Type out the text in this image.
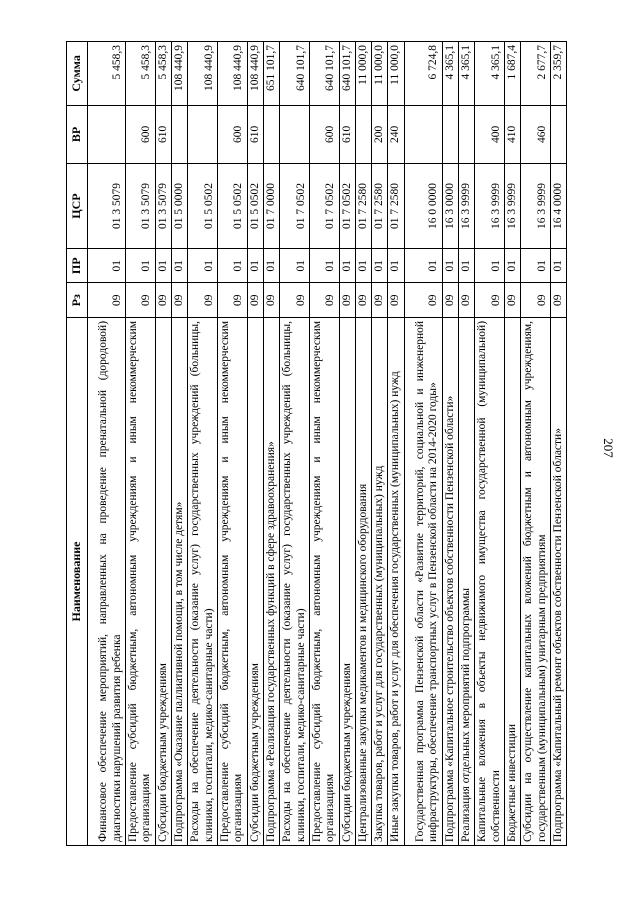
207
Наименование	Рз	ПР	ЦСР	ВР	Сумма
Финансовое обеспечение мероприятий, направленных на проведение пренатальной (дородовой) диагностики нарушений развития ребенка	09	01	01 3 5079		5 458,3
Предоставление субсидий бюджетным, автономным учреждениям и иным некоммерческим организациям	09	01	01 3 5079	600	5 458,3
Субсидии бюджетным учреждениям	09	01	01 3 5079	610	5 458,3
Подпрограмма «Оказание паллиативной помощи, в том числе детям»	09	01	01 5 0000		108 440,9
Расходы на обеспечение деятельности (оказание услуг) государственных учреждений (больницы, клиники, госпитали, медико-санитарные части)	09	01	01 5 0502		108 440,9
Предоставление субсидий бюджетным, автономным учреждениям и иным некоммерческим организациям	09	01	01 5 0502	600	108 440,9
Субсидии бюджетным учреждениям	09	01	01 5 0502	610	108 440,9
Подпрограмма «Реализация государственных функций в сфере здравоохранения»	09	01	01 7 0000		651 101,7
Расходы на обеспечение деятельности (оказание услуг) государственных учреждений (больницы, клиники, госпитали, медико-санитарные части)	09	01	01 7 0502		640 101,7
Предоставление субсидий бюджетным, автономным учреждениям и иным некоммерческим организациям	09	01	01 7 0502	600	640 101,7
Субсидии бюджетным учреждениям	09	01	01 7 0502	610	640 101,7
Централизованные закупки медикаментов и медицинского оборудования	09	01	01 7 2580		11 000,0
Закупка товаров, работ и услуг для государственных (муниципальных) нужд	09	01	01 7 2580	200	11 000,0
Иные закупки товаров, работ и услуг для обеспечения государственных (муниципальных) нужд	09	01	01 7 2580	240	11 000,0
Государственная программа Пензенской области «Развитие территорий, социальной и инженерной инфраструктуры, обеспечение транспортных услуг в Пензенской области на 2014-2020 годы»	09	01	16 0 0000		6 724,8
Подпрограмма «Капитальное строительство объектов собственности Пензенской области»	09	01	16 3 0000		4 365,1
Реализация отдельных мероприятий подпрограммы	09	01	16 3 9999		4 365,1
Капитальные вложения в объекты недвижимого имущества государственной (муниципальной) собственности	09	01	16 3 9999	400	4 365,1
Бюджетные инвестиции	09	01	16 3 9999	410	1 687,4
Субсидии на осуществление капитальных вложений бюджетным и автономным учреждениям, государственным (муниципальным) унитарным предприятиям	09	01	16 3 9999	460	2 677,7
Подпрограмма «Капитальный ремонт объектов собственности Пензенской области»	09	01	16 4 0000		2 359,7
